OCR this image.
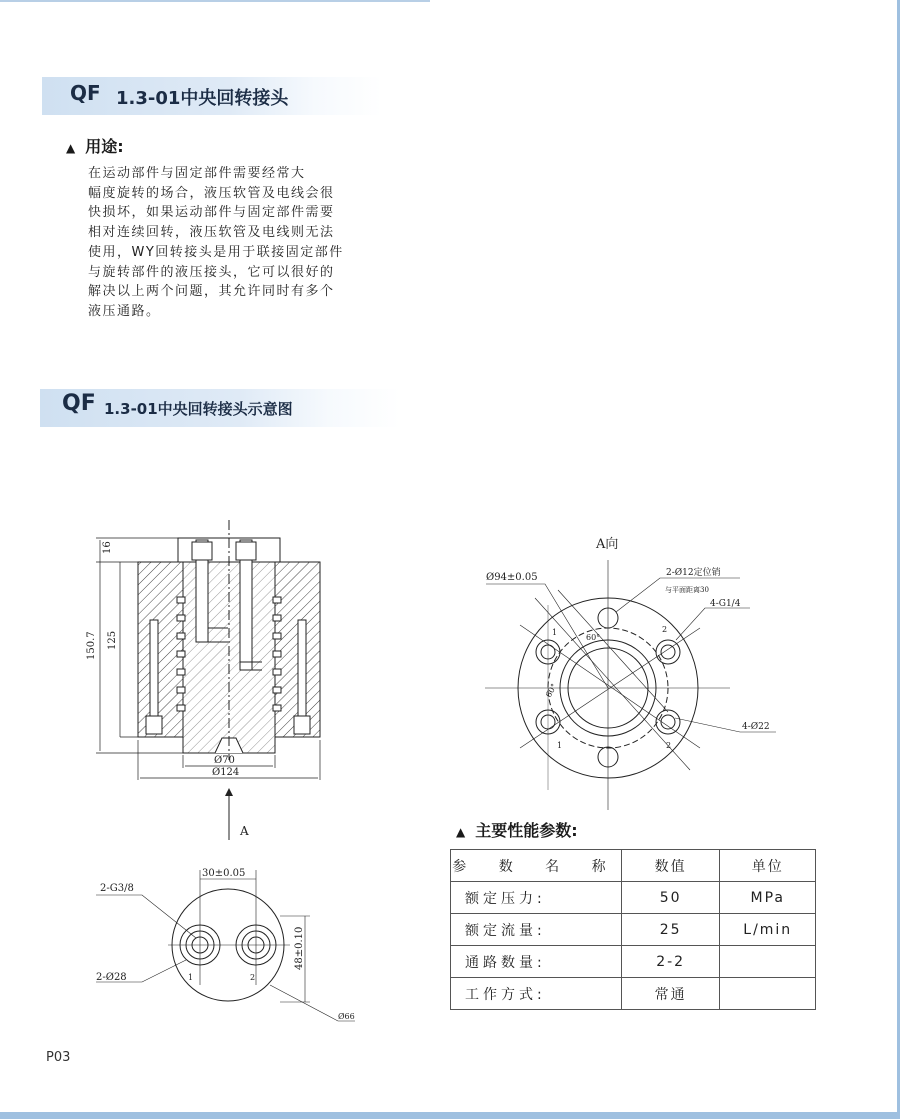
QF 1.3-01中央回转接头
▲ 用途:
在运动部件与固定部件需要经常大
幅度旋转的场合，液压软管及电线会很
快损坏，如果运动部件与固定部件需要
相对连续回转，液压软管及电线则无法
使用，WY回转接头是用于联接固定部件
与旋转部件的液压接头，它可以很好的
解决以上两个问题，其允许同时有多个
液压通路。
QF 1.3-01中央回转接头示意图
16
125
150.7
Ø70
Ø124
A
A向
Ø94±0.05	2-Ø12定位销
与平面距离30
4-G1/4
60°
60°
4-Ø22
1	2
1	2
30±0.05
2-G3/8
2-Ø28
48±0.10
Ø66
1	2
▲ 主要性能参数:
参 数 名 称	数值	单位
额定压力:	50	MPa
额定流量:	25	L/min
通路数量:	2-2	
工作方式:	常通	
P03
